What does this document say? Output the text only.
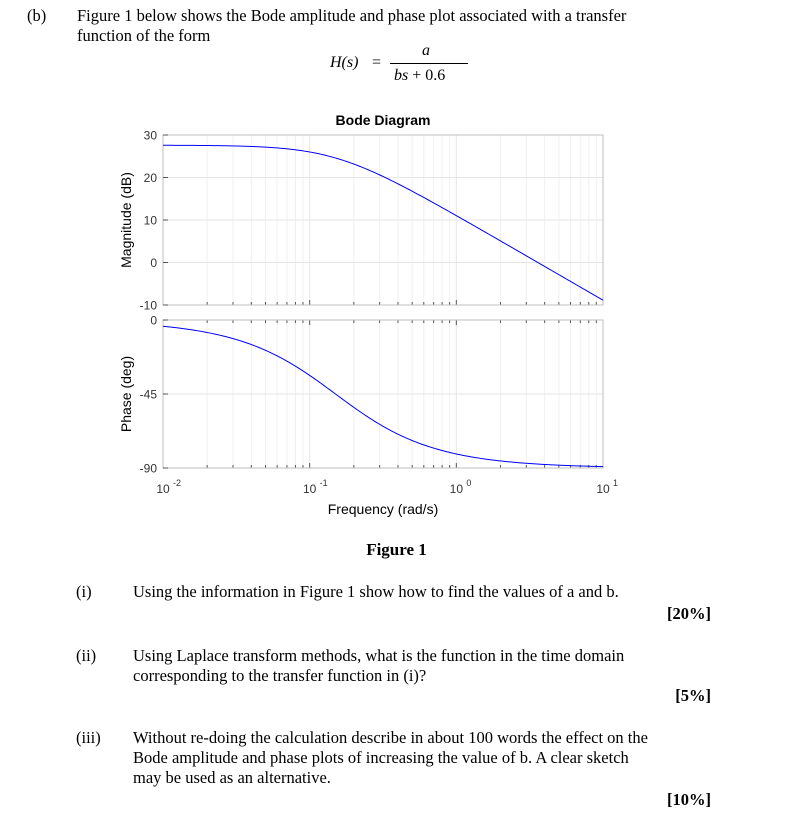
(b) Figure 1 below shows the Bode amplitude and phase plot associated with a transfer
function of the form
H(s) =
a
bs + 0.6
Bode Diagram
30
20
10
0
-10
0
-45
-90
10 -2	10 -1	10 0	10 1
Magnitude (dB)
Phase (deg)
Frequency (rad/s)
Figure 1
(i)	Using the information in Figure 1 show how to find the values of a and b.
[20%]
(ii) Using Laplace transform methods, what is the function in the time domain
corresponding to the transfer function in (i)?
[5%]
(iii) Without re-doing the calculation describe in about 100 words the effect on the
Bode amplitude and phase plots of increasing the value of b. A clear sketch
may be used as an alternative.
[10%]
